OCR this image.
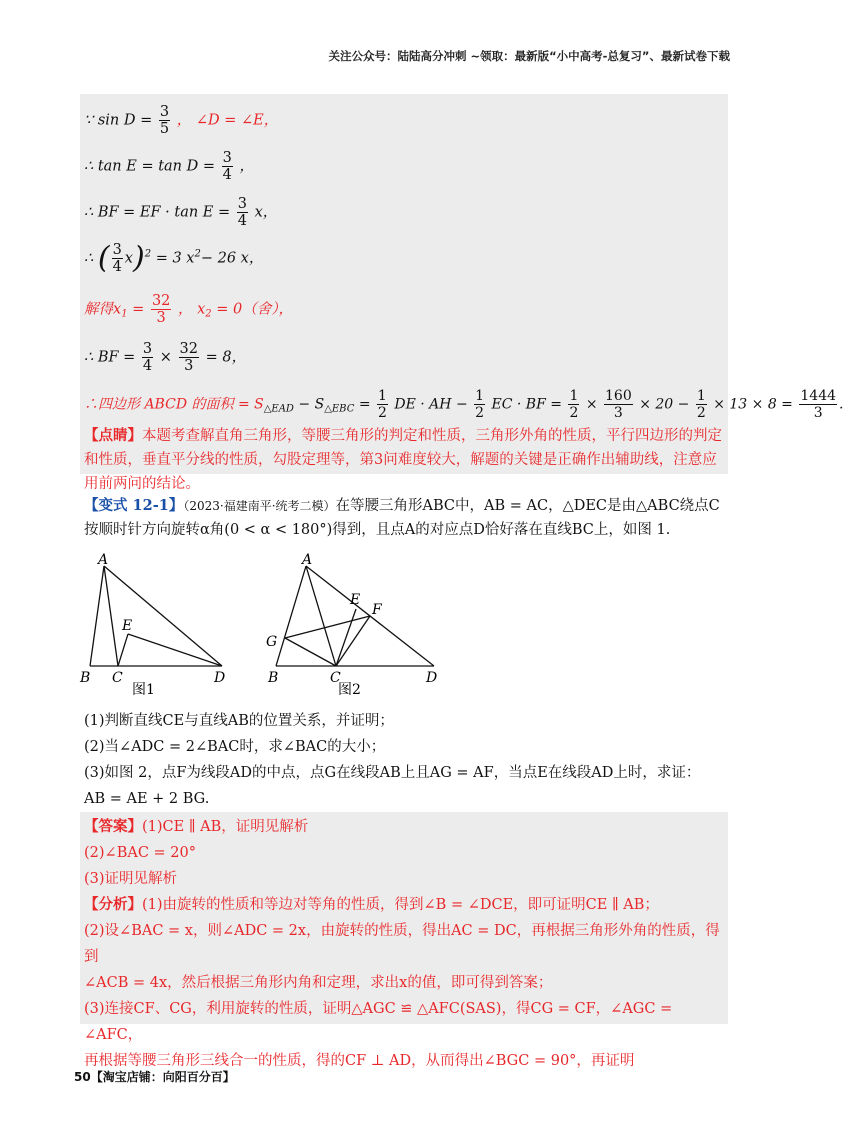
关注公众号：陆陆高分冲刺 ~领取：最新版“小中高考-总复习”、最新试卷下载
∵ $\sin D = \frac{3}{5}$ ， ∠D = ∠E，
∴ $\tan E = \tan D = \frac{3}{4}$ ，
∴ BF = EF · $\tan E = \frac{3}{4}$ x，
∴ ( $\frac{3}{4} x)^2 = 3$ $x^2- 26$ x，
解得$x_1 = \frac{32}{3}$ ， $x_2 = 0$（舍），
∴ BF = $\frac{3}{4} \times \frac{32}{3} = 8$，
∴四边形 ABCD 的面积 = $S_{\triangle EAD} - S_{\triangle EBC} = \frac{1}{2}$ DE · AH − $\frac{1}{2}$ EC · BF = $\frac{1}{2} \times \frac{160}{3} \times 20 - \frac{1}{2} \times 13 \times 8 = \frac{1444}{3}$
【点睛】本题考查解直角三角形，等腰三角形的判定和性质，三角形外角的性质，平行四边形的判定和性质，垂直平分线的性质，勾股定理等，第3问难度较大，解题的关键是正确作出辅助线，注意应用前两问的结论。
【变式 12-1】（2023·福建南平·统考二模）在等腰三角形ABC中，AB = AC，△DEC是由△ABC绕点C
按顺时针方向旋转α角(0 < α < 180°)得到，且点A的对应点D恰好落在直线BC上，如图 1.
A
E
B C	D
图1
A
E
F
G
B	C	D
图2
(1)判断直线CE与直线AB的位置关系，并证明；
(2)当∠ADC = 2∠BAC时，求∠BAC的大小；
(3)如图 2，点F为线段AD的中点，点G在线段AB上且AG = AF，当点E在线段AD上时，求证：
AB = AE + 2 BG.
【答案】(1)CE ∥ AB，证明见解析
(2)∠BAC = 20°
(3)证明见解析
【分析】(1)由旋转的性质和等边对等角的性质，得到∠B = ∠DCE，即可证明CE ∥ AB；
(2)设∠BAC = x，则∠ADC = 2x，由旋转的性质，得出AC = DC，再根据三角形外角的性质，得到
∠ACB = 4x，然后根据三角形内角和定理，求出x的值，即可得到答案；
(3)连接CF、CG，利用旋转的性质，证明△AGC ≌ △AFC(SAS)，得CG = CF，∠AGC = ∠AFC，
再根据等腰三角形三线合一的性质，得的CF ⊥ AD，从而得出∠BGC = 90°，再证明
50【淘宝店铺：向阳百分百】
